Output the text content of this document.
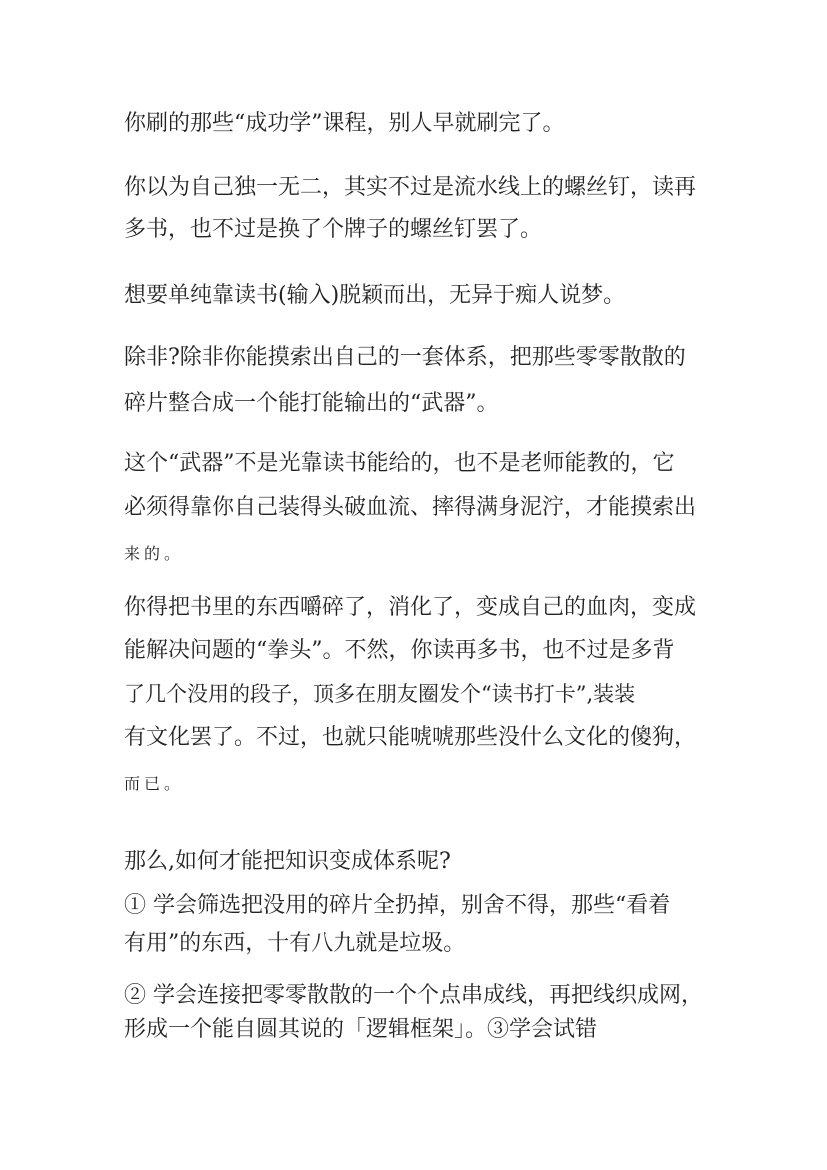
你刷的那些“成功学”课程，别人早就刷完了。

你以为自己独一无二，其实不过是流水线上的螺丝钉，读再

多书，也不过是换了个牌子的螺丝钉罢了。

想要单纯靠读书(输入)脱颖而出，无异于痴人说梦。

除非?除非你能摸索出自己的一套体系，把那些零零散散的

碎片整合成一个能打能输出的“武器”。

这个“武器”不是光靠读书能给的，也不是老师能教的，它

必须得靠你自己装得头破血流、摔得满身泥泞，才能摸索出

来的。

你得把书里的东西嚼碎了，消化了，变成自己的血肉，变成

能解决问题的“拳头”。不然，你读再多书，也不过是多背

了几个没用的段子，顶多在朋友圈发个“读书打卡”,装装

有文化罢了。不过，也就只能唬唬那些没什么文化的傻狗，

而已。

那么,如何才能把知识变成体系呢?

① 学会筛选把没用的碎片全扔掉，别舍不得，那些“看着

有用”的东西，十有八九就是垃圾。

② 学会连接把零零散散的一个个点串成线，再把线织成网，

形成一个能自圆其说的「逻辑框架」。③学会试错
